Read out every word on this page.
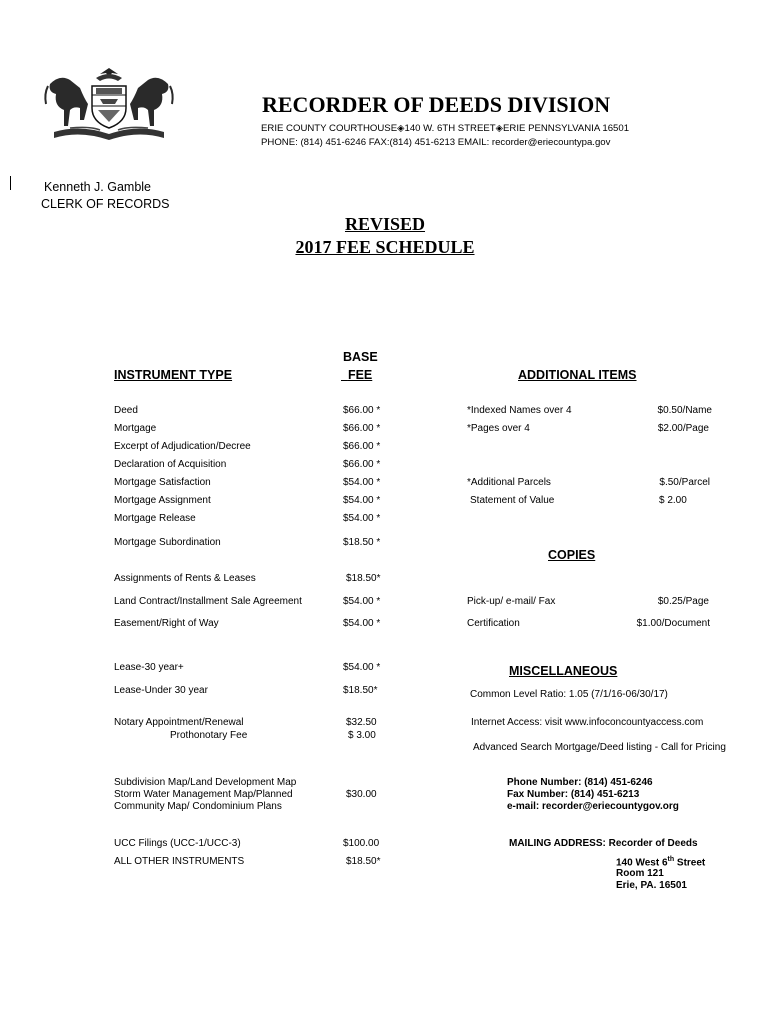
RECORDER OF DEEDS DIVISION
ERIE COUNTY COURTHOUSE◈140 W. 6TH STREET◈ERIE PENNSYLVANIA 16501
PHONE: (814) 451-6246 FAX:(814) 451-6213 EMAIL: recorder@eriecountypa.gov
Kenneth J. Gamble
CLERK OF RECORDS
REVISED
2017 FEE SCHEDULE
INSTRUMENT TYPE
BASE
FEE	ADDITIONAL ITEMS
Deed	$66.00 *
Mortgage	$66.00 *
Excerpt of Adjudication/Decree	$66.00 *
Declaration of Acquisition	$66.00 *
Mortgage Satisfaction	$54.00 *
Mortgage Assignment	$54.00 *
Mortgage Release	$54.00 *
Mortgage Subordination	$18.50 *
Assignments of Rents & Leases	$18.50*
Land Contract/Installment Sale Agreement	$54.00 *
Easement/Right of Way	$54.00 *
Lease-30 year+	$54.00 *
Lease-Under 30 year	$18.50*
Notary Appointment/Renewal	$32.50
Prothonotary Fee	$ 3.00
Subdivision Map/Land Development Map
Storm Water Management Map/Planned	$30.00
Community Map/ Condominium Plans
UCC Filings (UCC-1/UCC-3)	$100.00
ALL OTHER INSTRUMENTS	$18.50*
*Indexed Names over 4	$0.50/Name
*Pages over 4	$2.00/Page
*Additional Parcels	$.50/Parcel
Statement of Value	$ 2.00
COPIES
Pick-up/ e-mail/ Fax	$0.25/Page
Certification	$1.00/Document
MISCELLANEOUS
Common Level Ratio: 1.05 (7/1/16-06/30/17)
Internet Access: visit www.infoconcountyaccess.com
Advanced Search Mortgage/Deed listing - Call for Pricing
Phone Number: (814) 451-6246
Fax Number: (814) 451-6213
e-mail: recorder@eriecountygov.org
MAILING ADDRESS: Recorder of Deeds
140 West 6th Street
Room 121
Erie, PA. 16501
